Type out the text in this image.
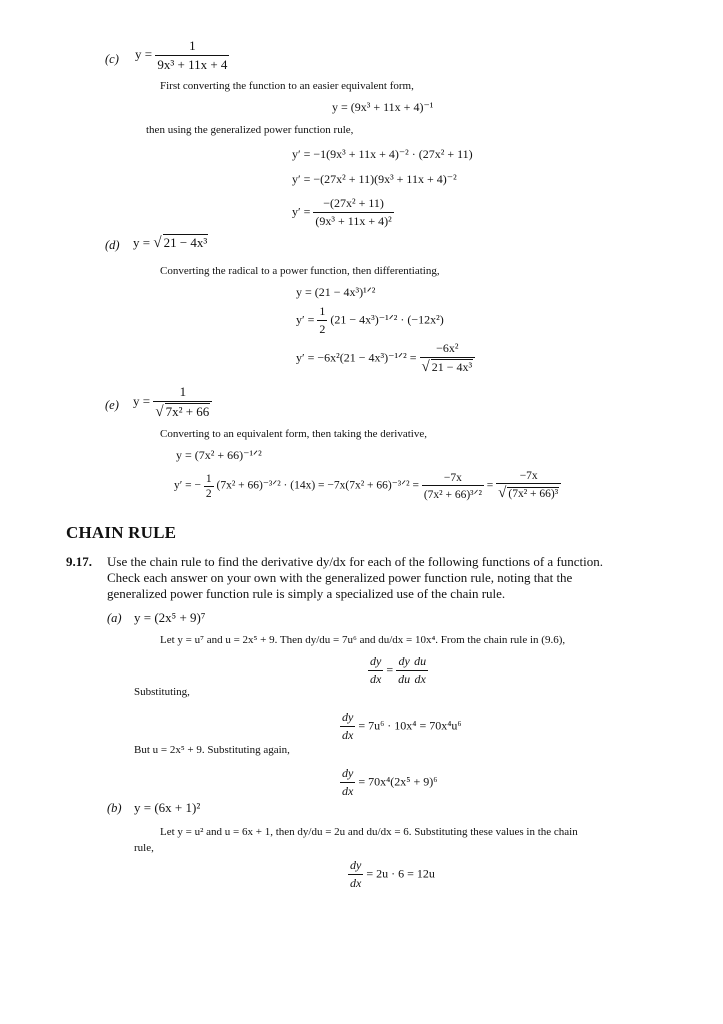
(c) $y = \frac{1}{\text{9x³ + 11x + 4}}$
First converting the function to an easier equivalent form,
y = (9x³ + 11x + 4)⁻¹
then using the generalized power function rule,
y′ = −1(9x³ + 11x + 4)⁻² · (27x² + 11)
y′ = −(27x² + 11)(9x³ + 11x + 4)⁻²
$y' = \frac{\text{−(27x² + 11)}}{\text{(9x³ + 11x + 4)²}}$
(d) y = √ 21 − 4x³
Converting the radical to a power function, then differentiating,
y = (21 − 4x³)¹ᐟ²
$y' = \frac{1}{2} (21$ − 4x³)⁻¹ᐟ² · (−12x²)
y′ = −6x²(21 − 4x³)⁻¹ᐟ² = $\frac{\text{−6x²}}{\text{√ 21 − 4x³}}$
(e) $y = \frac{1}{\text{√ 7x² + 66}}$
Converting to an equivalent form, then taking the derivative,
y = (7x² + 66)⁻¹ᐟ²
y′ = − $\frac{1}{2} (7x^2$ + 66)⁻³ᐟ² · (14x) = −7x(7x² + 66)⁻³ᐟ² = $\frac{-7x}{\text{(7x² + 66)³ᐟ²}} = \frac{-7x}{\text{√ (7x² + 66)³}}$
CHAIN RULE
9.17. Use the chain rule to find the derivative dy/dx for each of the following functions of a function.
Check each answer on your own with the generalized power function rule, noting that the
generalized power function rule is simply a specialized use of the chain rule.
(a) y = (2x⁵ + 9)⁷
Let y = u⁷ and u = 2x⁵ + 9. Then dy/du = 7u⁶ and du/dx = 10x⁴. From the chain rule in (9.6),
$\frac{dy}{dx} = \frac{dy}{du} \frac{du}{dx}$
Substituting,
$\frac{dy}{dx} = 7u^6 \cdot 10x^4 = 70x^4u^6$
But u = 2x⁵ + 9. Substituting again,
$\frac{dy}{dx} = 70x^4(2x^5 + 9)^6$
(b) y = (6x + 1)²
Let y = u² and u = 6x + 1, then dy/du = 2u and du/dx = 6. Substituting these values in the chain
rule,
$\frac{dy}{dx} = 2u \cdot 6 = 12u$
